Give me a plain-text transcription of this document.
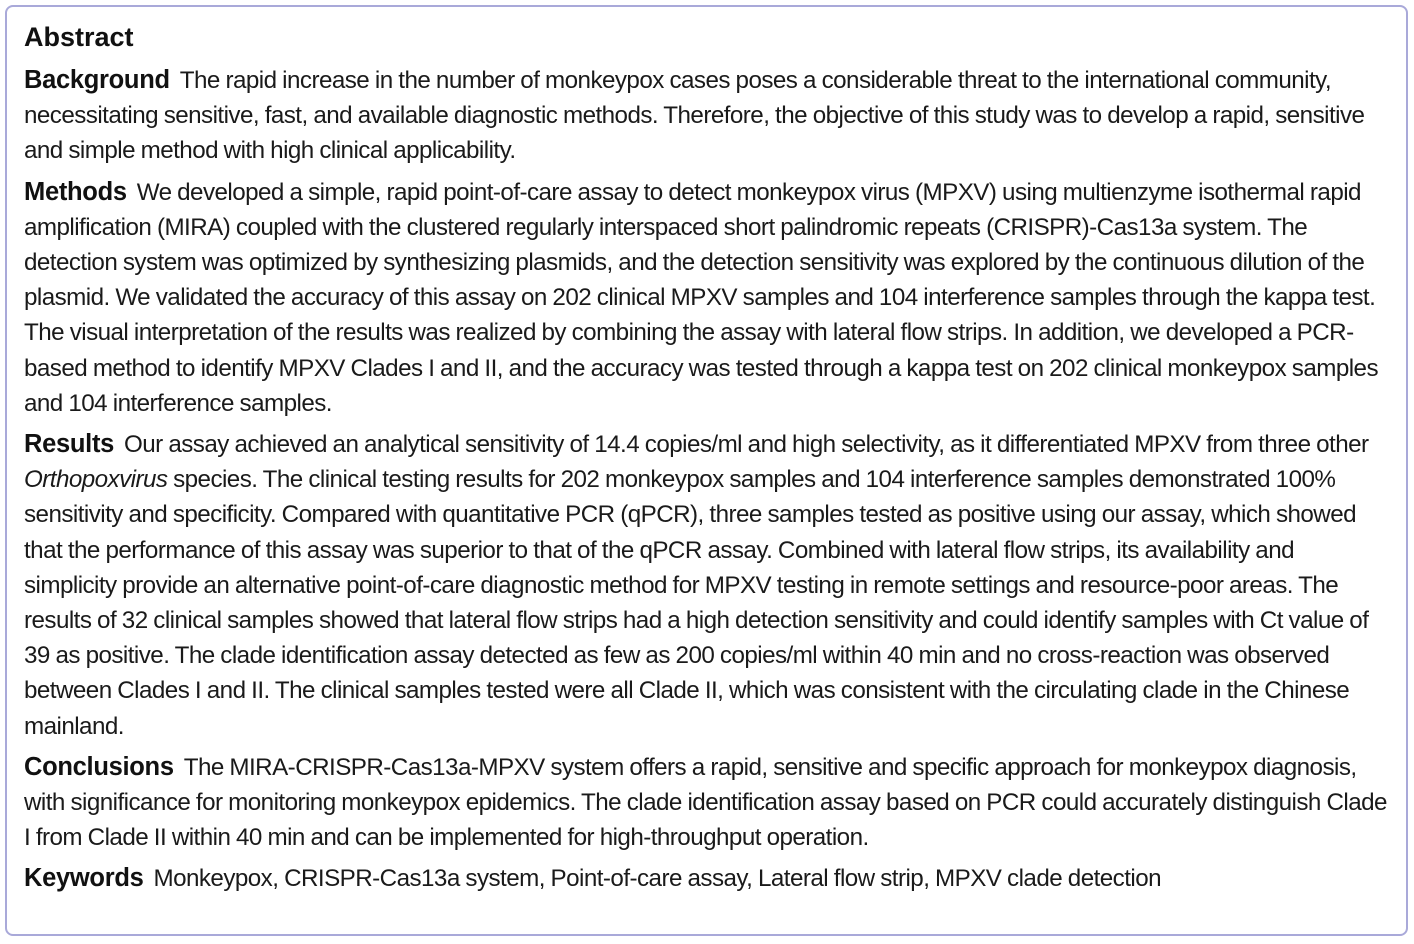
Abstract

Background The rapid increase in the number of monkeypox cases poses a considerable threat to the international community, necessitating sensitive, fast, and available diagnostic methods. Therefore, the objective of this study was to develop a rapid, sensitive and simple method with high clinical applicability.

Methods We developed a simple, rapid point-of-care assay to detect monkeypox virus (MPXV) using multienzyme isothermal rapid amplification (MIRA) coupled with the clustered regularly interspaced short palindromic repeats (CRISPR)-Cas13a system. The detection system was optimized by synthesizing plasmids, and the detection sensitivity was explored by the continuous dilution of the plasmid. We validated the accuracy of this assay on 202 clinical MPXV samples and 104 interference samples through the kappa test. The visual interpretation of the results was realized by combining the assay with lateral flow strips. In addition, we developed a PCR-based method to identify MPXV Clades I and II, and the accuracy was tested through a kappa test on 202 clinical monkeypox samples and 104 interference samples.

Results Our assay achieved an analytical sensitivity of 14.4 copies/ml and high selectivity, as it differentiated MPXV from three other Orthopoxvirus species. The clinical testing results for 202 monkeypox samples and 104 interference samples demonstrated 100% sensitivity and specificity. Compared with quantitative PCR (qPCR), three samples tested as positive using our assay, which showed that the performance of this assay was superior to that of the qPCR assay. Combined with lateral flow strips, its availability and simplicity provide an alternative point-of-care diagnostic method for MPXV testing in remote settings and resource-poor areas. The results of 32 clinical samples showed that lateral flow strips had a high detection sensitivity and could identify samples with Ct value of 39 as positive. The clade identification assay detected as few as 200 copies/ml within 40 min and no cross-reaction was observed between Clades I and II. The clinical samples tested were all Clade II, which was consistent with the circulating clade in the Chinese mainland.

Conclusions The MIRA-CRISPR-Cas13a-MPXV system offers a rapid, sensitive and specific approach for monkeypox diagnosis, with significance for monitoring monkeypox epidemics. The clade identification assay based on PCR could accurately distinguish Clade I from Clade II within 40 min and can be implemented for high-throughput operation.

Keywords Monkeypox, CRISPR-Cas13a system, Point-of-care assay, Lateral flow strip, MPXV clade detection
